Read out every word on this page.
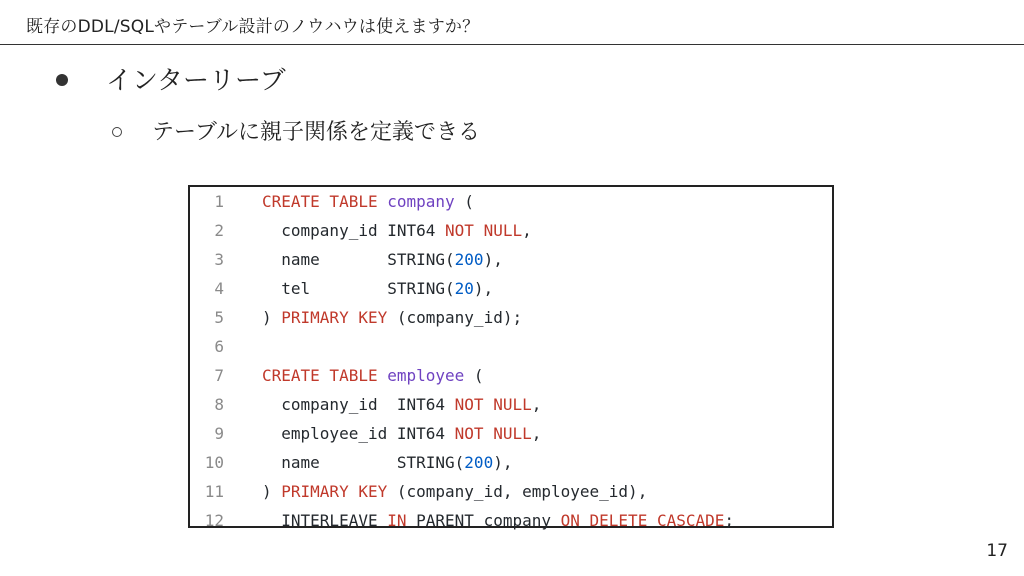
既存のDDL/SQLやテーブル設計のノウハウは使えますか？
インターリーブ
テーブルに親子関係を定義できる
1 CREATE TABLE company (
2 company_id INT64 NOT NULL,
3 name       STRING(200),
4 tel        STRING(20),
5 ) PRIMARY KEY (company_id);
6
7 CREATE TABLE employee (
8 company_id  INT64 NOT NULL,
9 employee_id INT64 NOT NULL,
10 name        STRING(200),
11 ) PRIMARY KEY (company_id, employee_id),
12 INTERLEAVE IN PARENT company ON DELETE CASCADE;
17
